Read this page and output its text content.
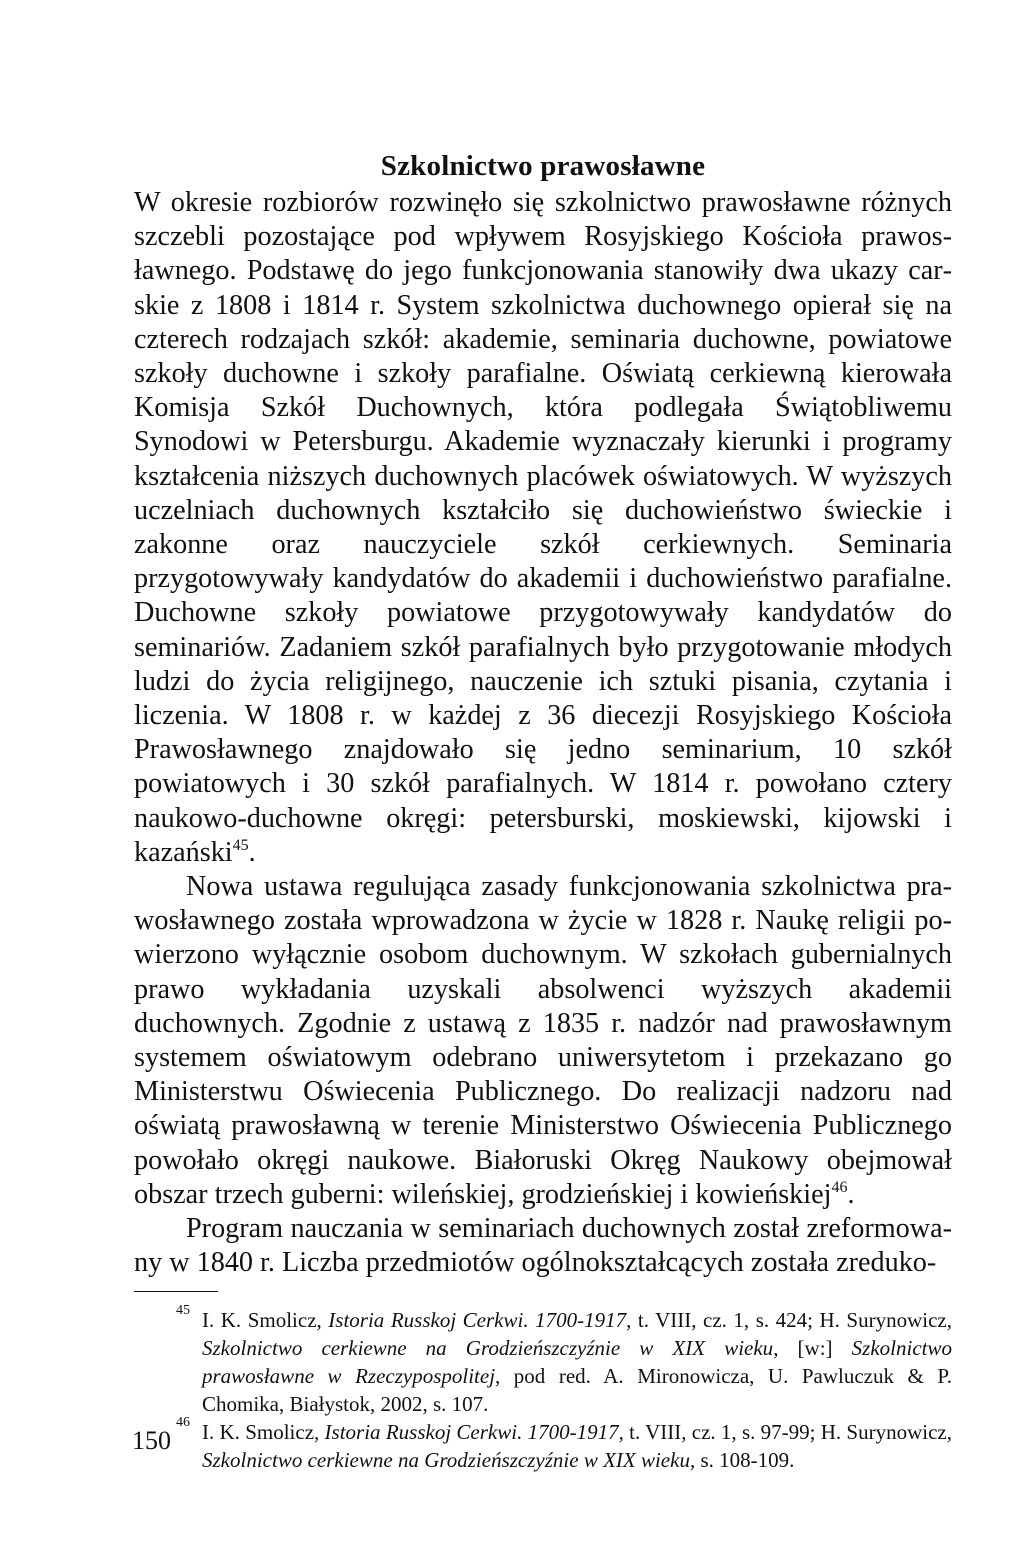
Szkolnictwo prawosławne

W okresie rozbiorów rozwinęło się szkolnictwo prawosławne różnych szczebli pozostające pod wpływem Rosyjskiego Kościoła prawosławnego. Podstawę do jego funkcjonowania stanowiły dwa ukazy carskie z 1808 i 1814 r. System szkolnictwa duchownego opierał się na czterech rodzajach szkół: akademie, seminaria duchowne, powiatowe szkoły duchowne i szkoły parafialne. Oświatą cerkiewną kierowała Komisja Szkół Duchownych, która podlegała Świątobliwemu Synodowi w Petersburgu. Akademie wyznaczały kierunki i programy kształcenia niższych duchownych placówek oświatowych. W wyższych uczelniach duchownych kształciło się duchowieństwo świeckie i zakonne oraz nauczyciele szkół cerkiewnych. Seminaria przygotowywały kandydatów do akademii i duchowieństwo parafialne. Duchowne szkoły powiatowe przygotowywały kandydatów do seminariów. Zadaniem szkół parafialnych było przygotowanie młodych ludzi do życia religijnego, nauczenie ich sztuki pisania, czytania i liczenia. W 1808 r. w każdej z 36 diecezji Rosyjskiego Kościoła Prawosławnego znajdowało się jedno seminarium, 10 szkół powiatowych i 30 szkół parafialnych. W 1814 r. powołano cztery naukowo-duchowne okręgi: petersburski, moskiewski, kijowski i kazański$^{45}$.

Nowa ustawa regulująca zasady funkcjonowania szkolnictwa prawosławnego została wprowadzona w życie w 1828 r. Naukę religii powierzono wyłącznie osobom duchownym. W szkołach gubernialnych prawo wykładania uzyskali absolwenci wyższych akademii duchownych. Zgodnie z ustawą z 1835 r. nadzór nad prawosławnym systemem oświatowym odebrano uniwersytetom i przekazano go Ministerstwu Oświecenia Publicznego. Do realizacji nadzoru nad oświatą prawosławną w terenie Ministerstwo Oświecenia Publicznego powołało okręgi naukowe. Białoruski Okręg Naukowy obejmował obszar trzech guberni: wileńskiej, grodzieńskiej i kowieńskiej$^{46}$.

Program nauczania w seminariach duchownych został zreformowany w 1840 r. Liczba przedmiotów ogólnokształcących została zreduko-

45 I. K. Smolicz, Istoria Russkoj Cerkwi. 1700-1917, t. VIII, cz. 1, s. 424; H. Surynowicz, Szkolnictwo cerkiewne na Grodzieńszczyźnie w XIX wieku, [w:] Szkolnictwo prawosławne w Rzeczypospolitej, pod red. A. Mironowicza, U. Pawluczuk & P. Chomika, Białystok, 2002, s. 107.

46 I. K. Smolicz, Istoria Russkoj Cerkwi. 1700-1917, t. VIII, cz. 1, s. 97-99; H. Surynowicz, Szkolnictwo cerkiewne na Grodzieńszczyźnie w XIX wieku, s. 108-109.

150
